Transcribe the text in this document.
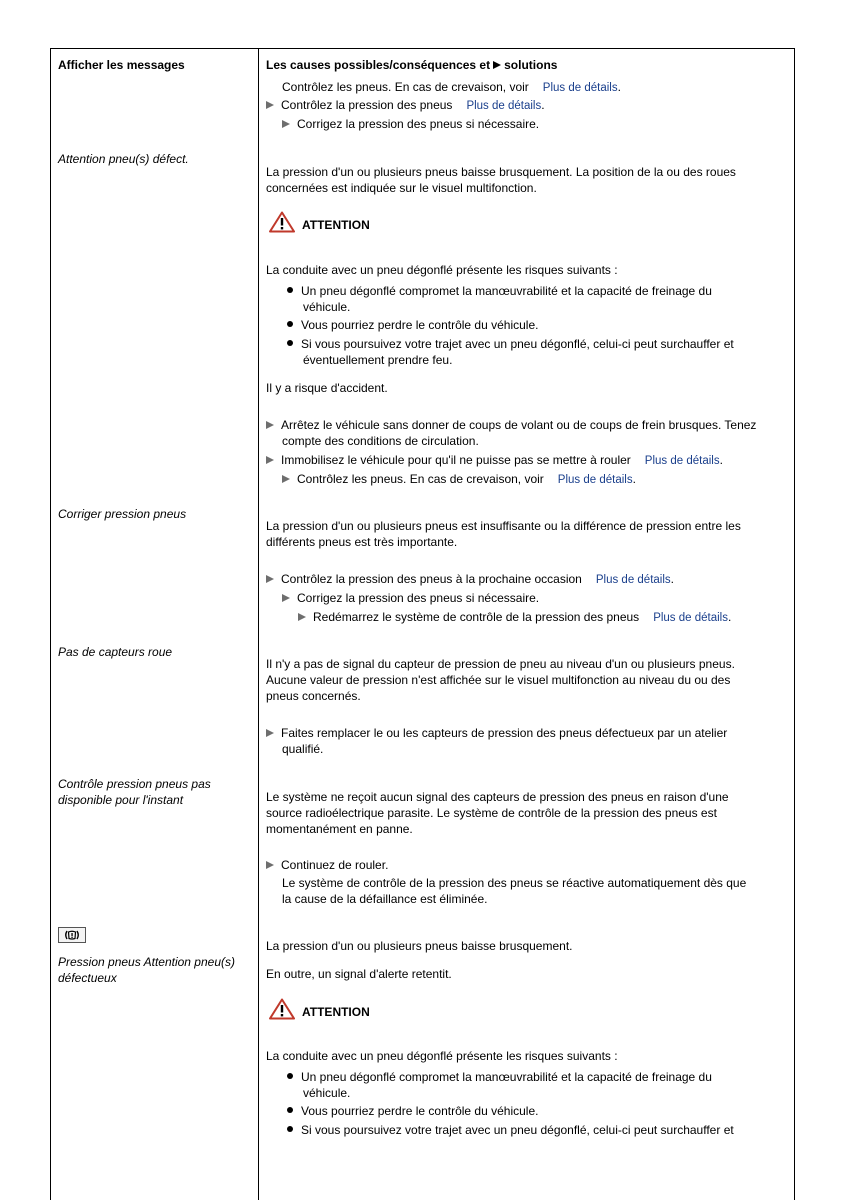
Afficher les messages	Les causes possibles/conséquences et solutions
Contrôlez les pneus. En cas de crevaison, voir Plus de détails.
Contrôlez la pression des pneus Plus de détails.
Corrigez la pression des pneus si nécessaire.
Attention pneu(s) défect.
La pression d'un ou plusieurs pneus baisse brusquement. La position de la ou des roues
concernées est indiquée sur le visuel multifonction.
ATTENTION
La conduite avec un pneu dégonflé présente les risques suivants :
Un pneu dégonflé compromet la manœuvrabilité et la capacité de freinage du
véhicule.
Vous pourriez perdre le contrôle du véhicule.
Si vous poursuivez votre trajet avec un pneu dégonflé, celui-ci peut surchauffer et
éventuellement prendre feu.
Il y a risque d'accident.
Arrêtez le véhicule sans donner de coups de volant ou de coups de frein brusques. Tenez
compte des conditions de circulation.
Immobilisez le véhicule pour qu'il ne puisse pas se mettre à rouler Plus de détails.
Contrôlez les pneus. En cas de crevaison, voir Plus de détails.
Corriger pression pneus
La pression d'un ou plusieurs pneus est insuffisante ou la différence de pression entre les
différents pneus est très importante.
Contrôlez la pression des pneus à la prochaine occasion Plus de détails.
Corrigez la pression des pneus si nécessaire.
Redémarrez le système de contrôle de la pression des pneus Plus de détails.
Pas de capteurs roue
Il n'y a pas de signal du capteur de pression de pneu au niveau d'un ou plusieurs pneus.
Aucune valeur de pression n'est affichée sur le visuel multifonction au niveau du ou des
pneus concernés.
Faites remplacer le ou les capteurs de pression des pneus défectueux par un atelier
qualifié.
Contrôle pression pneus pas
disponible pour l'instant	Le système ne reçoit aucun signal des capteurs de pression des pneus en raison d'une
source radioélectrique parasite. Le système de contrôle de la pression des pneus est
momentanément en panne.
Continuez de rouler.
Le système de contrôle de la pression des pneus se réactive automatiquement dès que
la cause de la défaillance est éliminée.
Pression pneus Attention pneu(s)
défectueux
La pression d'un ou plusieurs pneus baisse brusquement.
En outre, un signal d'alerte retentit.
ATTENTION
La conduite avec un pneu dégonflé présente les risques suivants :
Un pneu dégonflé compromet la manœuvrabilité et la capacité de freinage du
véhicule.
Vous pourriez perdre le contrôle du véhicule.
Si vous poursuivez votre trajet avec un pneu dégonflé, celui-ci peut surchauffer et
